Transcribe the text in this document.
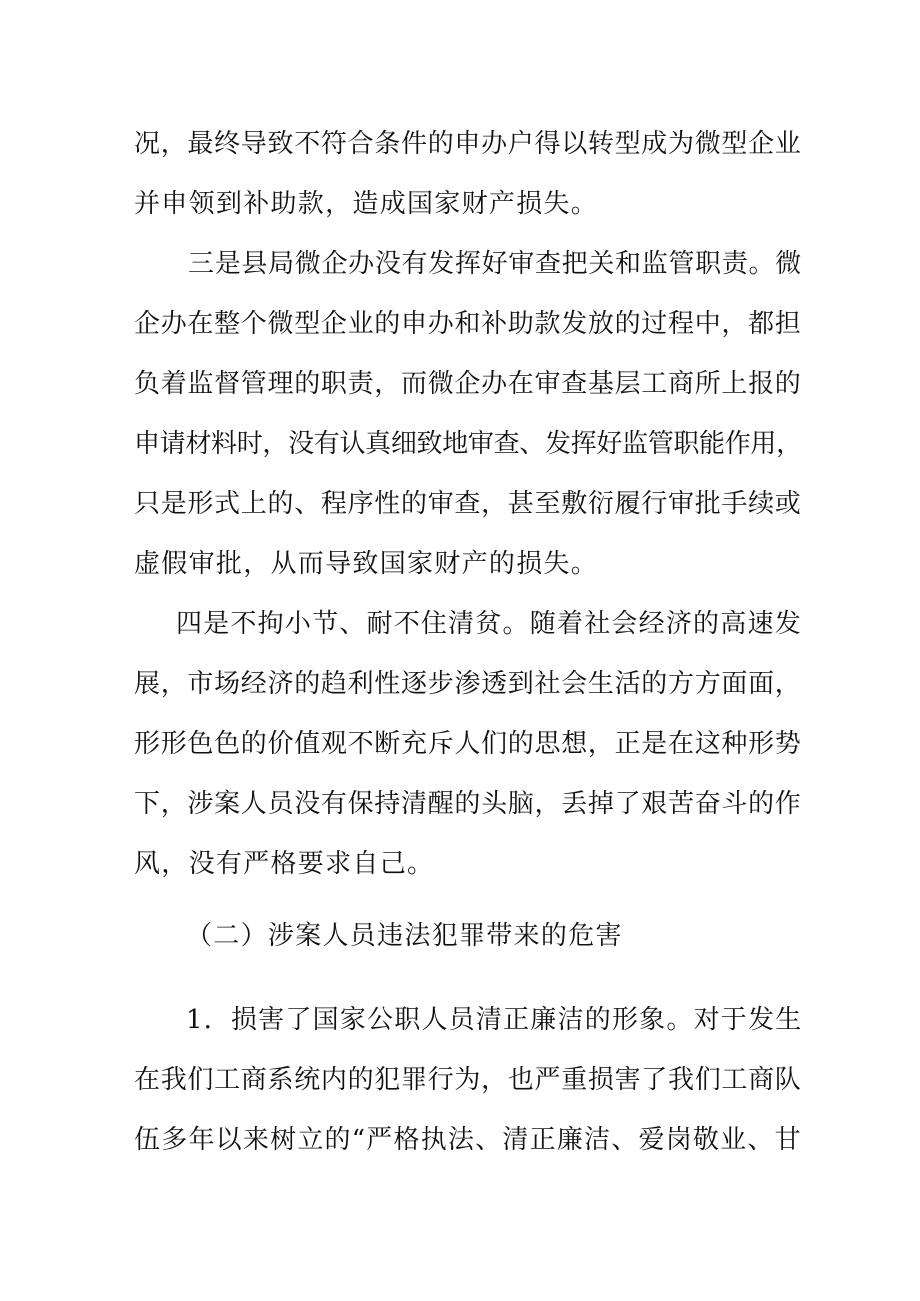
况，最终导致不符合条件的申办户得以转型成为微型企业
并申领到补助款，造成国家财产损失。
三是县局微企办没有发挥好审查把关和监管职责。微
企办在整个微型企业的申办和补助款发放的过程中，都担
负着监督管理的职责，而微企办在审查基层工商所上报的
申请材料时，没有认真细致地审查、发挥好监管职能作用，
只是形式上的、程序性的审查，甚至敷衍履行审批手续或
虚假审批，从而导致国家财产的损失。
四是不拘小节、耐不住清贫。随着社会经济的高速发
展，市场经济的趋利性逐步渗透到社会生活的方方面面，
形形色色的价值观不断充斥人们的思想，正是在这种形势
下，涉案人员没有保持清醒的头脑，丢掉了艰苦奋斗的作
风，没有严格要求自己。
（二）涉案人员违法犯罪带来的危害
1．损害了国家公职人员清正廉洁的形象。对于发生
在我们工商系统内的犯罪行为，也严重损害了我们工商队
伍多年以来树立的“严格执法、清正廉洁、爱岗敬业、甘
